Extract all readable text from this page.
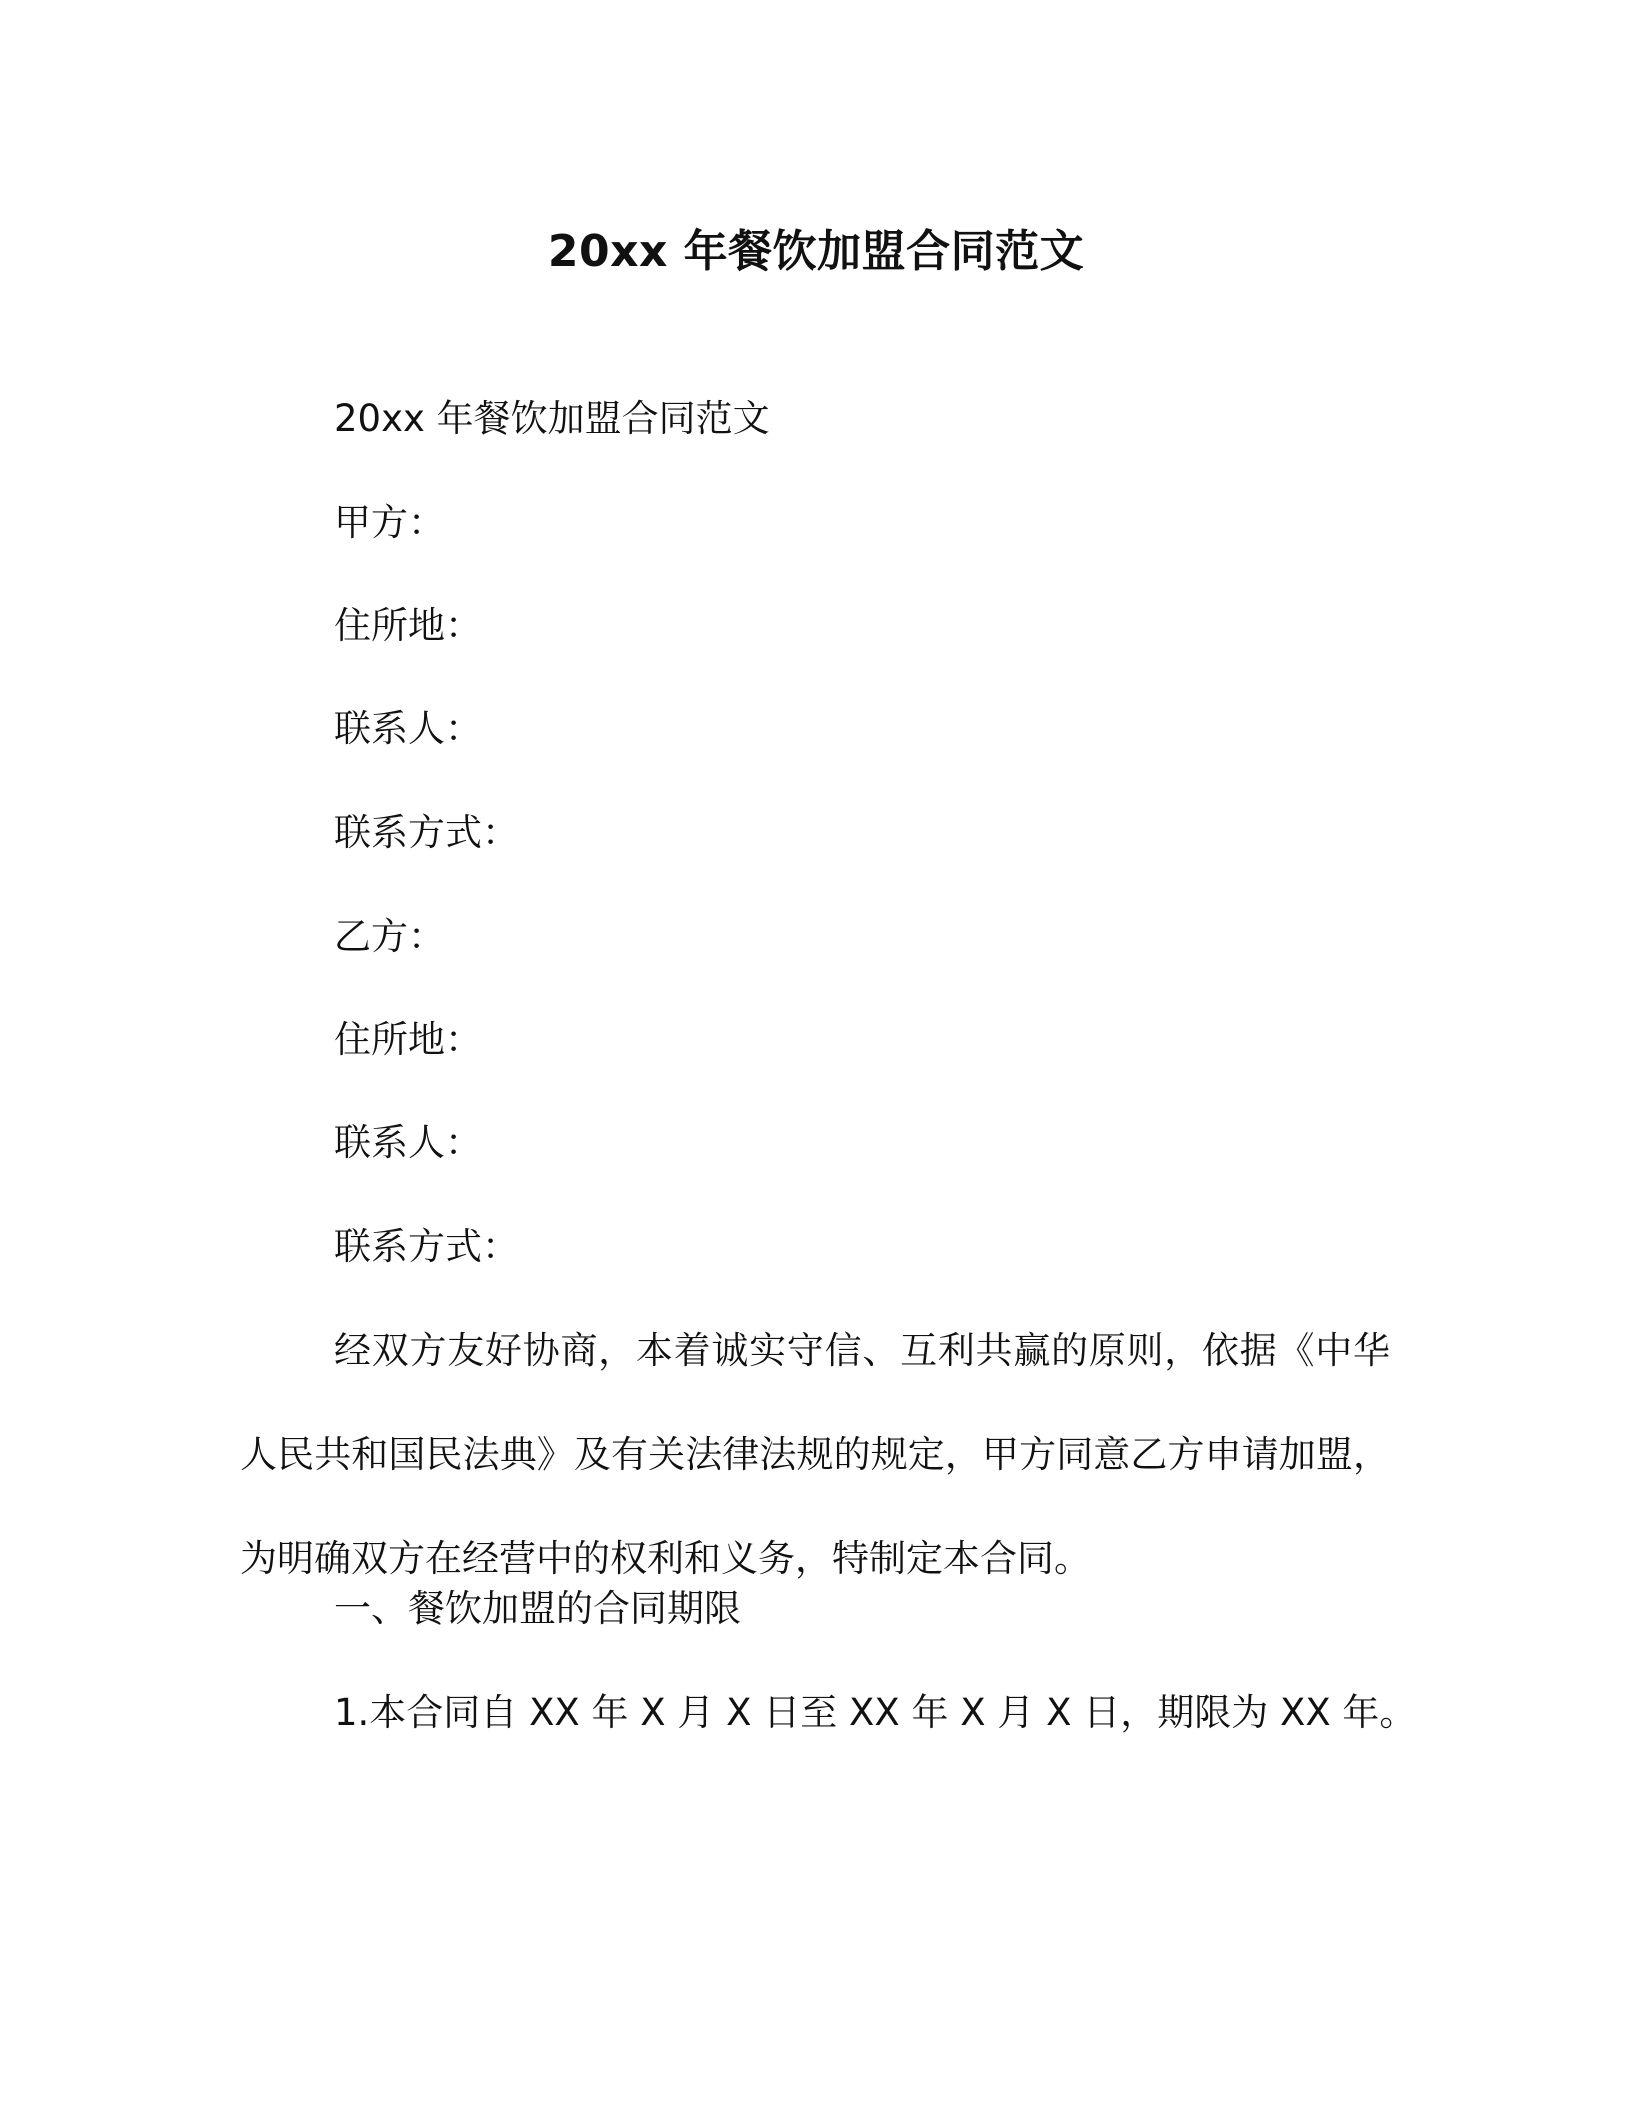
20xx 年餐饮加盟合同范文
20xx 年餐饮加盟合同范文
甲方：
住所地：
联系人：
联系方式：
乙方：
住所地：
联系人：
联系方式：
经双方友好协商，本着诚实守信、互利共赢的原则，依据《中华人民共和国民法典》及有关法律法规的规定，甲方同意乙方申请加盟，为明确双方在经营中的权利和义务，特制定本合同。
一、餐饮加盟的合同期限
1.本合同自 XX 年 X 月 X 日至 XX 年 X 月 X 日，期限为 XX 年。
